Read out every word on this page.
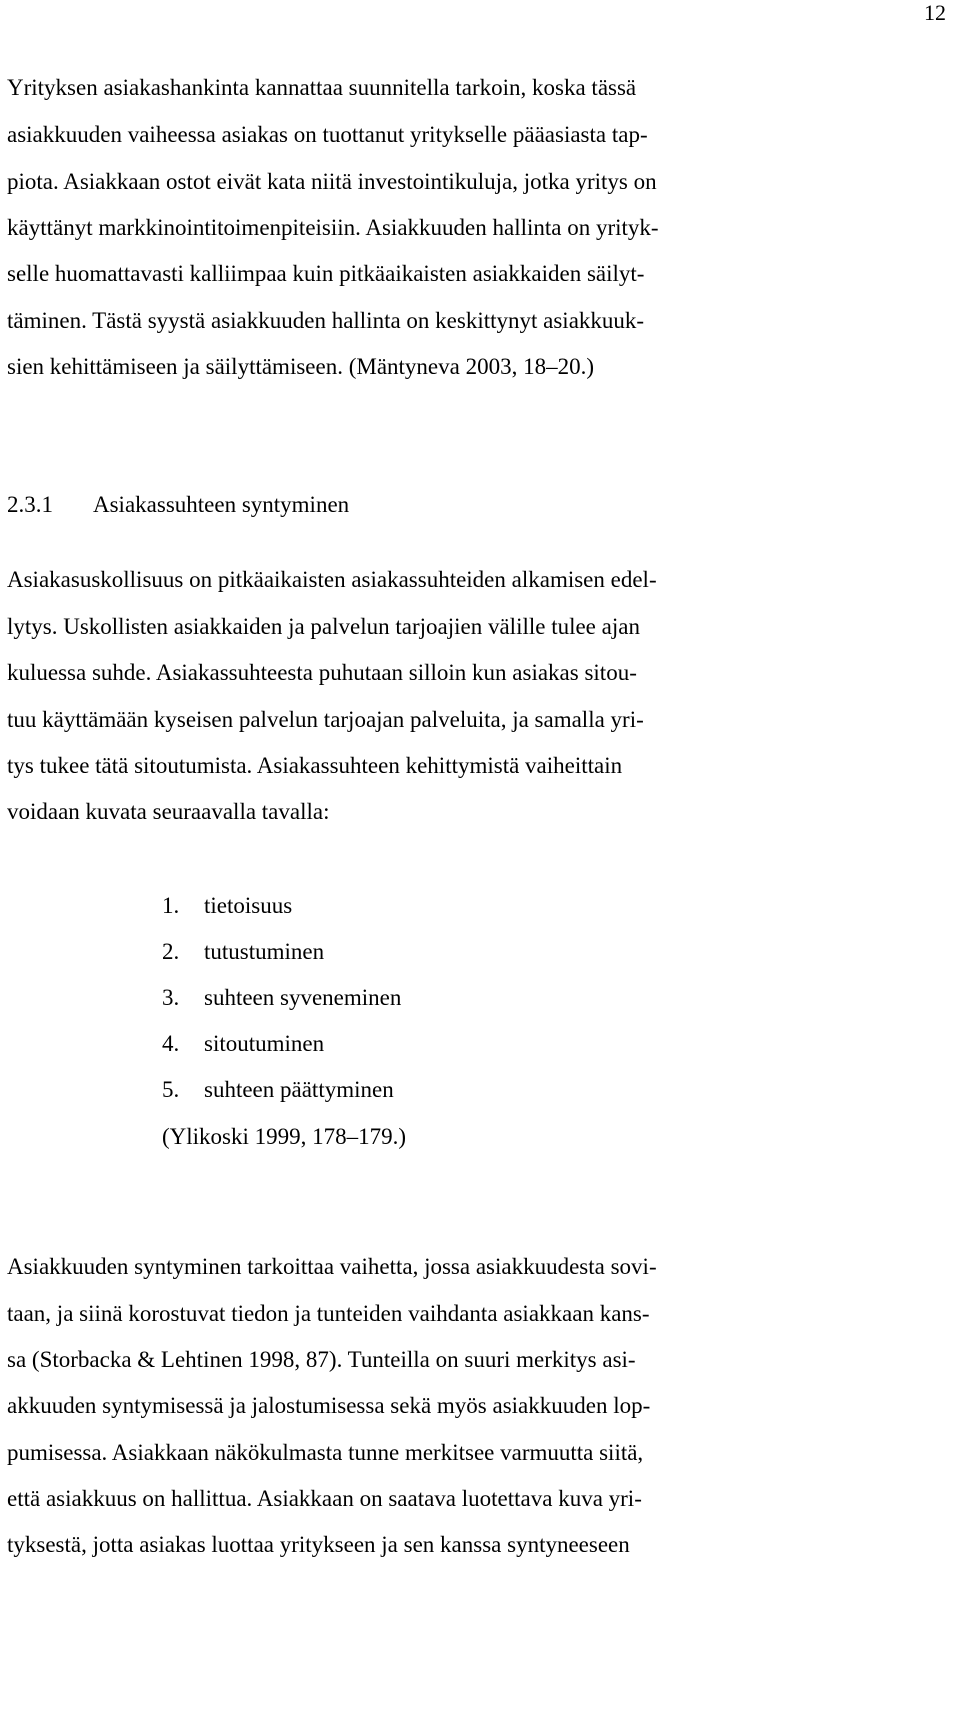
12
Yrityksen asiakashankinta kannattaa suunnitella tarkoin, koska tässä
asiakkuuden vaiheessa asiakas on tuottanut yritykselle pääasiasta tap-
piota. Asiakkaan ostot eivät kata niitä investointikuluja, jotka yritys on
käyttänyt markkinointitoimenpiteisiin. Asiakkuuden hallinta on yrityk-
selle huomattavasti kalliimpaa kuin pitkäaikaisten asiakkaiden säilyt-
täminen. Tästä syystä asiakkuuden hallinta on keskittynyt asiakkuuk-
sien kehittämiseen ja säilyttämiseen. (Mäntyneva 2003, 18–20.)
2.3.1 Asiakassuhteen syntyminen
Asiakasuskollisuus on pitkäaikaisten asiakassuhteiden alkamisen edel-
lytys. Uskollisten asiakkaiden ja palvelun tarjoajien välille tulee ajan
kuluessa suhde. Asiakassuhteesta puhutaan silloin kun asiakas sitou-
tuu käyttämään kyseisen palvelun tarjoajan palveluita, ja samalla yri-
tys tukee tätä sitoutumista. Asiakassuhteen kehittymistä vaiheittain
voidaan kuvata seuraavalla tavalla:
1. tietoisuus
2. tutustuminen
3. suhteen syveneminen
4. sitoutuminen
5. suhteen päättyminen
(Ylikoski 1999, 178–179.)
Asiakkuuden syntyminen tarkoittaa vaihetta, jossa asiakkuudesta sovi-
taan, ja siinä korostuvat tiedon ja tunteiden vaihdanta asiakkaan kans-
sa (Storbacka & Lehtinen 1998, 87). Tunteilla on suuri merkitys asi-
akkuuden syntymisessä ja jalostumisessa sekä myös asiakkuuden lop-
pumisessa. Asiakkaan näkökulmasta tunne merkitsee varmuutta siitä,
että asiakkuus on hallittua. Asiakkaan on saatava luotettava kuva yri-
tyksestä, jotta asiakas luottaa yritykseen ja sen kanssa syntyneeseen
